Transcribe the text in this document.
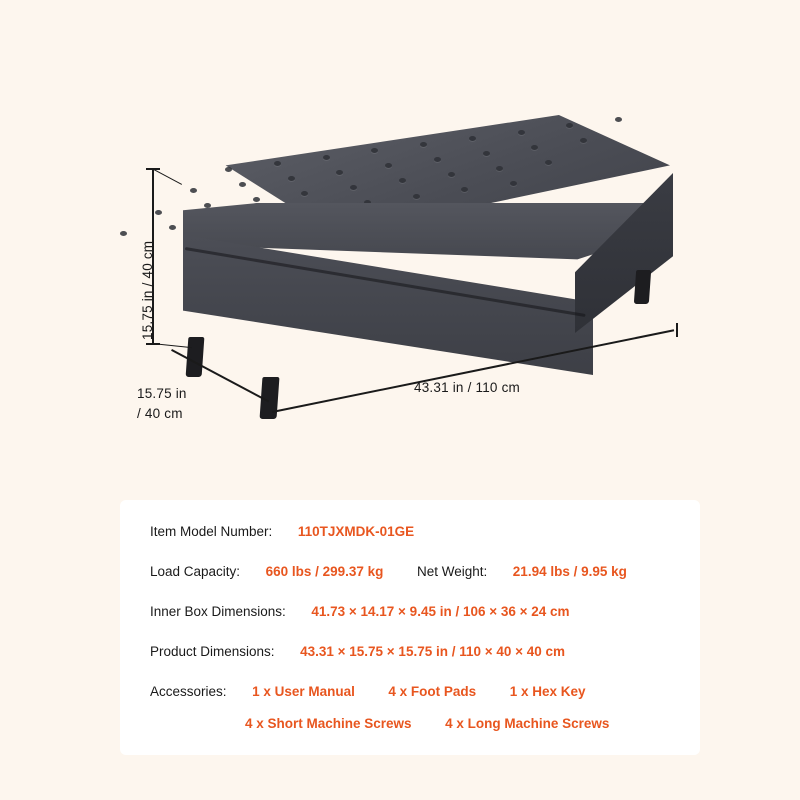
15.75 in / 40 cm
15.75 in
/ 40 cm
43.31 in / 110 cm
Item Model Number: 110TJXMDK-01GE
Load Capacity: 660 lbs / 299.37 kg Net Weight: 21.94 lbs / 9.95 kg
Inner Box Dimensions: 41.73 × 14.17 × 9.45 in / 106 × 36 × 24 cm
Product Dimensions: 43.31 × 15.75 × 15.75 in / 110 × 40 × 40 cm
Accessories: 1 x User Manual 4 x Foot Pads 1 x Hex Key
4 x Short Machine Screws 4 x Long Machine Screws
